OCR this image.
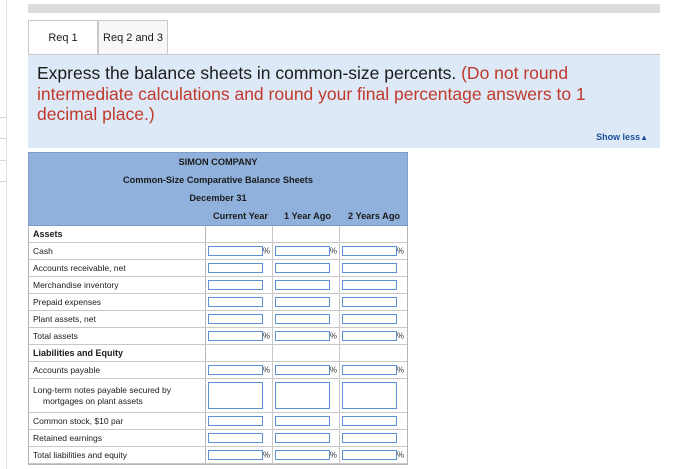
Req 1 Req 2 and 3
Express the balance sheets in common-size percents. (Do not round intermediate calculations and round your final percentage answers to 1 decimal place.)
Show less▲
SIMON COMPANY
Common-Size Comparative Balance Sheets
December 31
Current Year	1 Year Ago	2 Years Ago
Assets
Cash	%	%	%
Accounts receivable, net
Merchandise inventory
Prepaid expenses
Plant assets, net
Total assets	%	%	%
Liabilities and Equity
Accounts payable	%	%	%
Long-term notes payable secured by

mortgages on plant assets
Common stock, $10 par
Retained earnings
Total liabilities and equity	%	%	%
